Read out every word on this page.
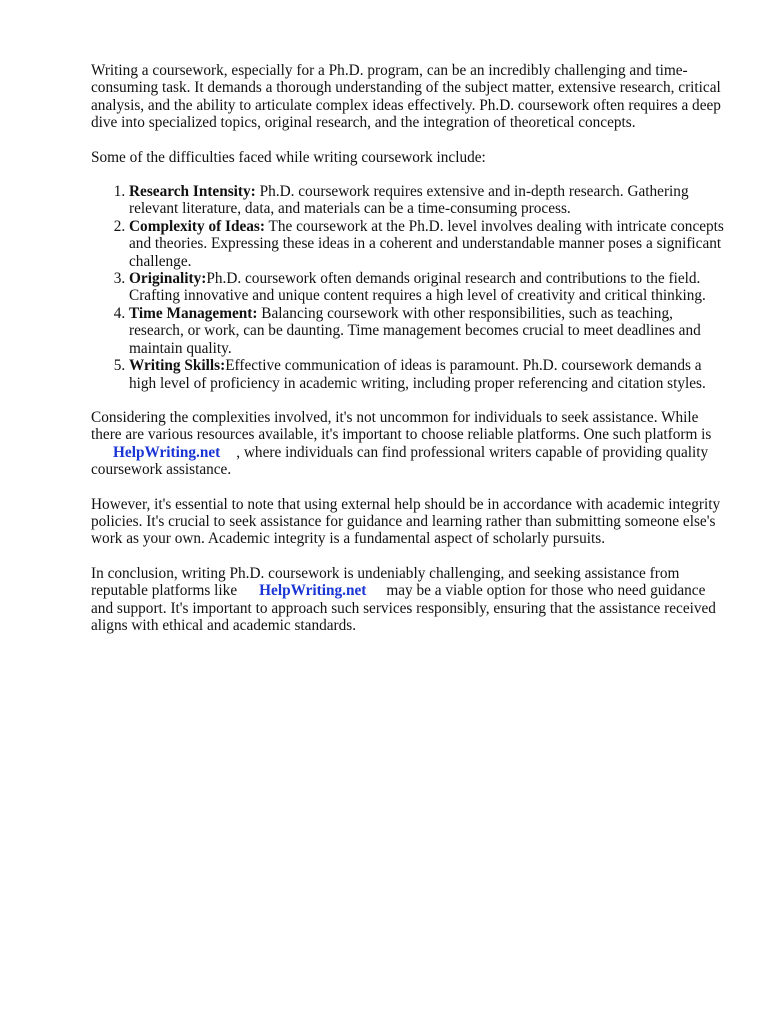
Writing a coursework, especially for a Ph.D. program, can be an incredibly challenging and time-consuming task. It demands a thorough understanding of the subject matter, extensive research, critical analysis, and the ability to articulate complex ideas effectively. Ph.D. coursework often requires a deep dive into specialized topics, original research, and the integration of theoretical concepts.

Some of the difficulties faced while writing coursework include:

1. Research Intensity: Ph.D. coursework requires extensive and in-depth research. Gathering relevant literature, data, and materials can be a time-consuming process.
2. Complexity of Ideas: The coursework at the Ph.D. level involves dealing with intricate concepts and theories. Expressing these ideas in a coherent and understandable manner poses a significant challenge.
3. Originality:Ph.D. coursework often demands original research and contributions to the field. Crafting innovative and unique content requires a high level of creativity and critical thinking.
4. Time Management: Balancing coursework with other responsibilities, such as teaching, research, or work, can be daunting. Time management becomes crucial to meet deadlines and maintain quality.
5. Writing Skills:Effective communication of ideas is paramount. Ph.D. coursework demands a high level of proficiency in academic writing, including proper referencing and citation styles.

Considering the complexities involved, it's not uncommon for individuals to seek assistance. While there are various resources available, it's important to choose reliable platforms. One such platform is
HelpWriting.net , where individuals can find professional writers capable of providing quality coursework assistance.

However, it's essential to note that using external help should be in accordance with academic integrity policies. It's crucial to seek assistance for guidance and learning rather than submitting someone else's work as your own. Academic integrity is a fundamental aspect of scholarly pursuits.

In conclusion, writing Ph.D. coursework is undeniably challenging, and seeking assistance from reputable platforms like HelpWriting.net may be a viable option for those who need guidance and support. It's important to approach such services responsibly, ensuring that the assistance received aligns with ethical and academic standards.
